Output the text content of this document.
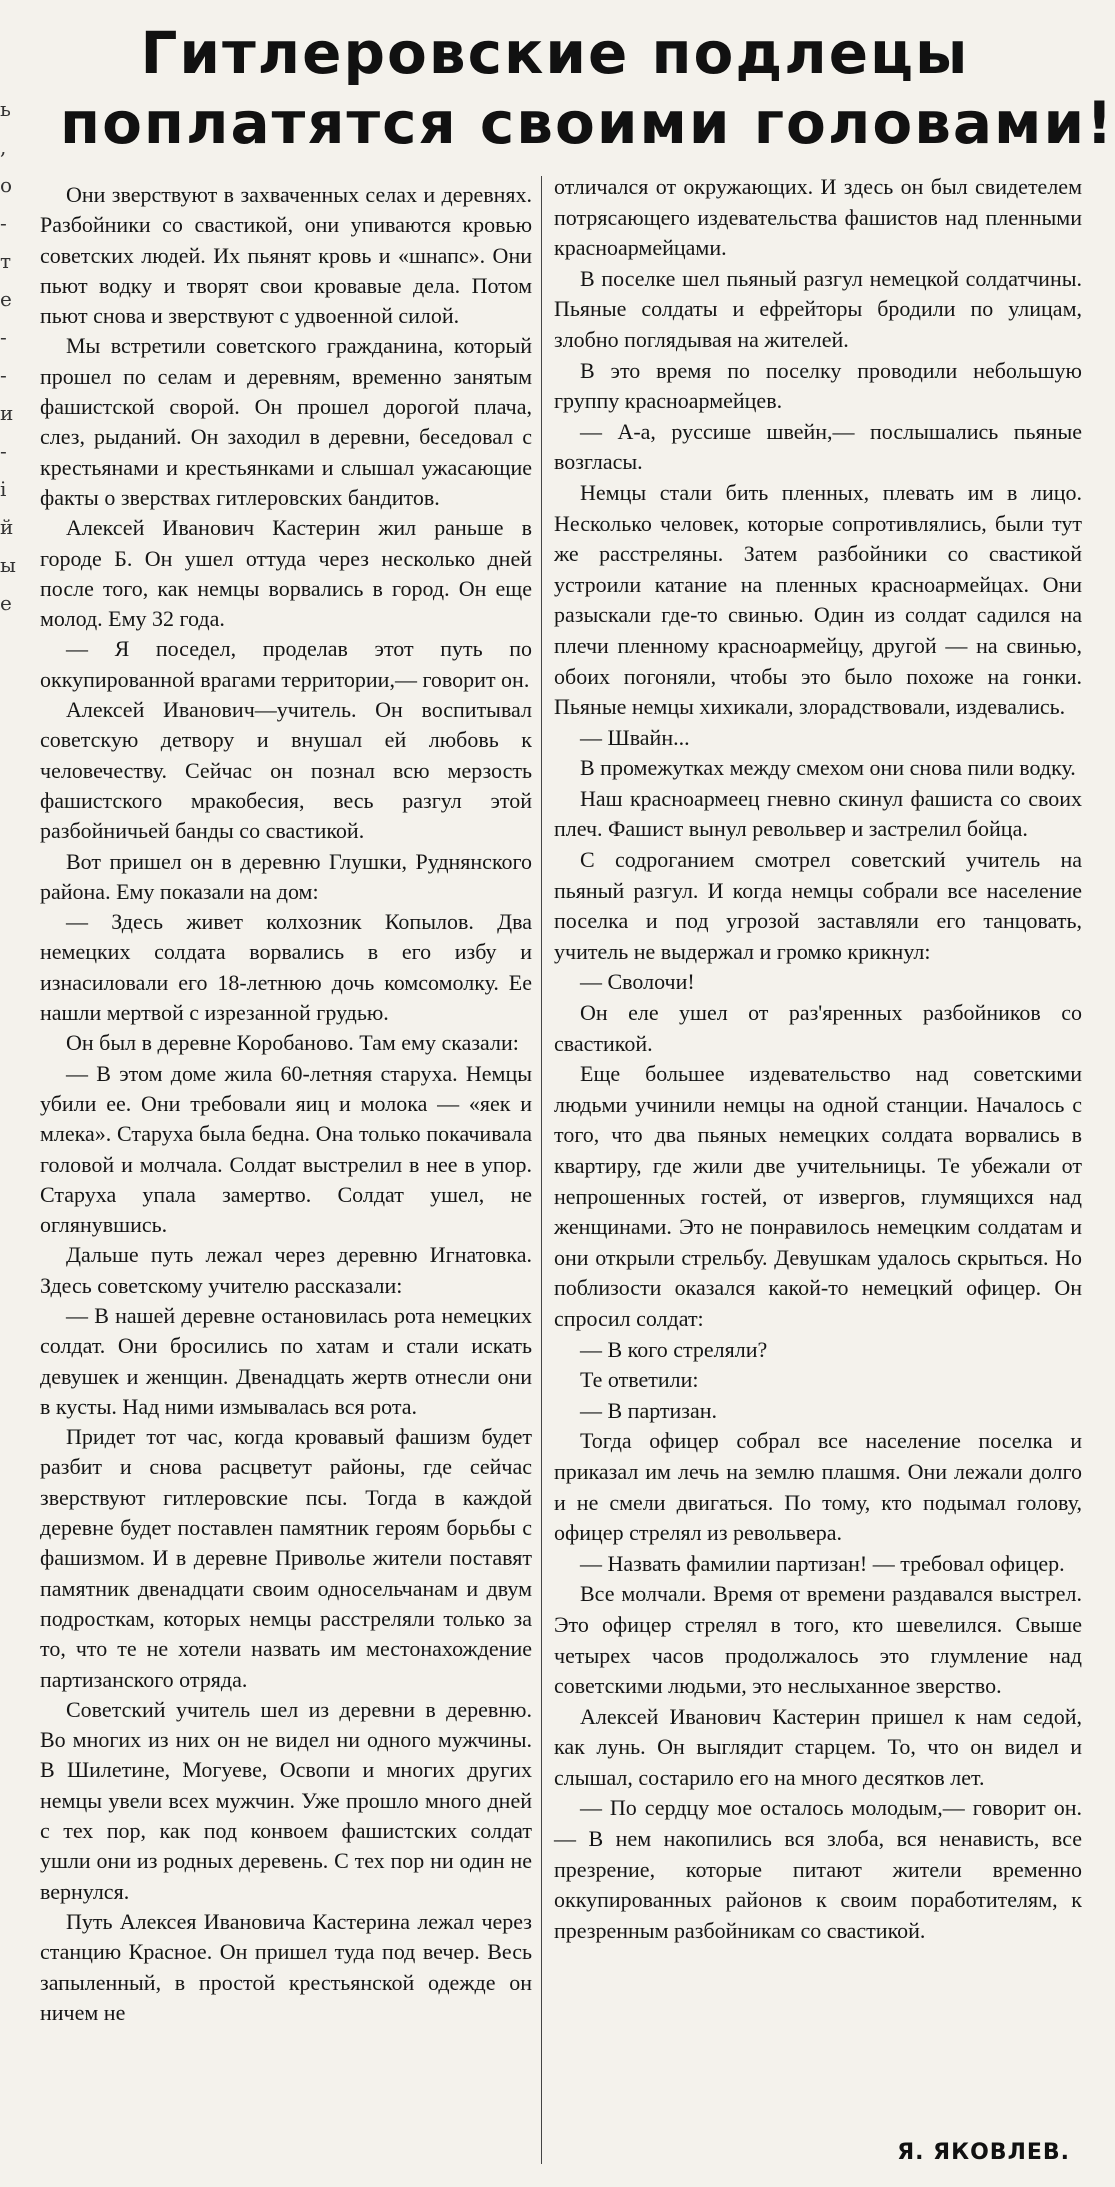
ь
,
о
-
т
е
-
-
и
-
i
й
ы
е
Гитлеровские подлецы
поплатятся своими головами!

Они зверствуют в захваченных селах и деревнях. Разбойники со свастикой, они упиваются кровью советских людей. Их пьянят кровь и «шнапс». Они пьют водку и творят свои кровавые дела. Потом пьют снова и зверствуют с удвоенной силой.

Мы встретили советского гражданина, который прошел по селам и деревням, временно занятым фашистской сворой. Он прошел дорогой плача, слез, рыданий. Он заходил в деревни, беседовал с крестьянами и крестьянками и слышал ужасающие факты о зверствах гитлеровских бандитов.

Алексей Иванович Кастерин жил раньше в городе Б. Он ушел оттуда через несколько дней после того, как немцы ворвались в город. Он еще молод. Ему 32 года.

— Я поседел, проделав этот путь по оккупированной врагами территории,— говорит он.

Алексей Иванович—учитель. Он воспитывал советскую детвору и внушал ей любовь к человечеству. Сейчас он познал всю мерзость фашистского мракобесия, весь разгул этой разбойничьей банды со свастикой.

Вот пришел он в деревню Глушки, Руднянского района. Ему показали на дом:

— Здесь живет колхозник Копылов. Два немецких солдата ворвались в его избу и изнасиловали его 18-летнюю дочь комсомолку. Ее нашли мертвой с изрезанной грудью.

Он был в деревне Коробаново. Там ему сказали:

— В этом доме жила 60-летняя старуха. Немцы убили ее. Они требовали яиц и молока — «яек и млека». Старуха была бедна. Она только покачивала головой и молчала. Солдат выстрелил в нее в упор. Старуха упала замертво. Солдат ушел, не оглянувшись.

Дальше путь лежал через деревню Игнатовка. Здесь советскому учителю рассказали:

— В нашей деревне остановилась рота немецких солдат. Они бросились по хатам и стали искать девушек и женщин. Двенадцать жертв отнесли они в кусты. Над ними измывалась вся рота.

Придет тот час, когда кровавый фашизм будет разбит и снова расцветут районы, где сейчас зверствуют гитлеровские псы. Тогда в каждой деревне будет поставлен памятник героям борьбы с фашизмом. И в деревне Приволье жители поставят памятник двенадцати своим односельчанам и двум подросткам, которых немцы расстреляли только за то, что те не хотели назвать им местонахождение партизанского отряда.

Советский учитель шел из деревни в деревню. Во многих из них он не видел ни одного мужчины. В Шилетине, Могуеве, Освопи и многих других немцы увели всех мужчин. Уже прошло много дней с тех пор, как под конвоем фашистских солдат ушли они из родных деревень. С тех пор ни один не вернулся.

Путь Алексея Ивановича Кастерина лежал через станцию Красное. Он пришел туда под вечер. Весь запыленный, в простой крестьянской одежде он ничем не

отличался от окружающих. И здесь он был свидетелем потрясающего издевательства фашистов над пленными красноармейцами.

В поселке шел пьяный разгул немецкой солдатчины. Пьяные солдаты и ефрейторы бродили по улицам, злобно поглядывая на жителей.

В это время по поселку проводили небольшую группу красноармейцев.

— А-а, руссише швейн,— послышались пьяные возгласы.

Немцы стали бить пленных, плевать им в лицо. Несколько человек, которые сопротивлялись, были тут же расстреляны. Затем разбойники со свастикой устроили катание на пленных красноармейцах. Они разыскали где-то свинью. Один из солдат садился на плечи пленному красноармейцу, другой — на свинью, обоих погоняли, чтобы это было похоже на гонки. Пьяные немцы хихикали, злорадствовали, издевались.

— Швайн...

В промежутках между смехом они снова пили водку.

Наш красноармеец гневно скинул фашиста со своих плеч. Фашист вынул револьвер и застрелил бойца.

С содроганием смотрел советский учитель на пьяный разгул. И когда немцы собрали все население поселка и под угрозой заставляли его танцовать, учитель не выдержал и громко крикнул:

— Сволочи!

Он еле ушел от раз'яренных разбойников со свастикой.

Еще большее издевательство над советскими людьми учинили немцы на одной станции. Началось с того, что два пьяных немецких солдата ворвались в квартиру, где жили две учительницы. Те убежали от непрошенных гостей, от извергов, глумящихся над женщинами. Это не понравилось немецким солдатам и они открыли стрельбу. Девушкам удалось скрыться. Но поблизости оказался какой-то немецкий офицер. Он спросил солдат:

— В кого стреляли?

Те ответили:

— В партизан.

Тогда офицер собрал все население поселка и приказал им лечь на землю плашмя. Они лежали долго и не смели двигаться. По тому, кто подымал голову, офицер стрелял из револьвера.

— Назвать фамилии партизан! — требовал офицер.

Все молчали. Время от времени раздавался выстрел. Это офицер стрелял в того, кто шевелился. Свыше четырех часов продолжалось это глумление над советскими людьми, это неслыханное зверство.

Алексей Иванович Кастерин пришел к нам седой, как лунь. Он выглядит старцем. То, что он видел и слышал, состарило его на много десятков лет.

— По сердцу мое осталось молодым,— говорит он.— В нем накопились вся злоба, вся ненависть, все презрение, которые питают жители временно оккупированных районов к своим поработителям, к презренным разбойникам со свастикой.

Я. ЯКОВЛЕВ.
